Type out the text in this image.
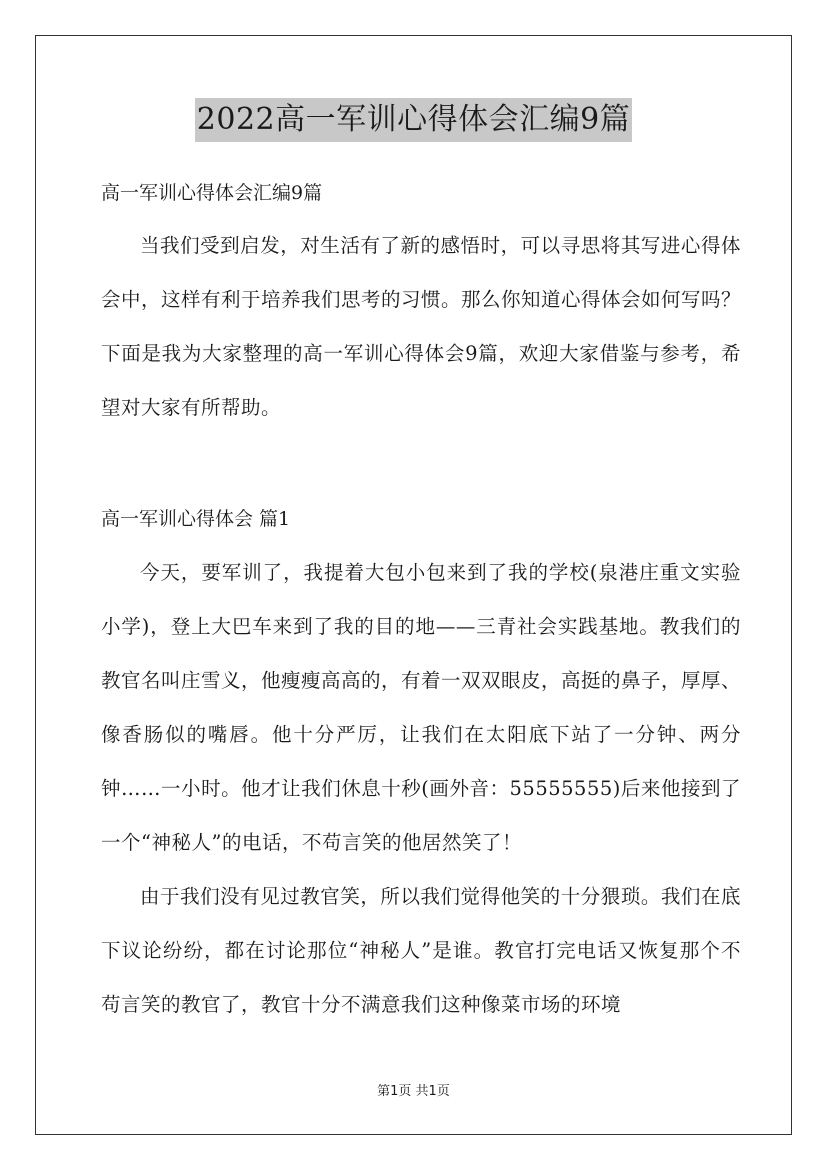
2022高一军训心得体会汇编9篇
高一军训心得体会汇编9篇

当我们受到启发，对生活有了新的感悟时，可以寻思将其写进心得体会中，这样有利于培养我们思考的习惯。那么你知道心得体会如何写吗？下面是我为大家整理的高一军训心得体会9篇，欢迎大家借鉴与参考，希望对大家有所帮助。

高一军训心得体会 篇1

今天，要军训了，我提着大包小包来到了我的学校(泉港庄重文实验小学)，登上大巴车来到了我的目的地——三青社会实践基地。教我们的教官名叫庄雪义，他瘦瘦高高的，有着一双双眼皮，高挺的鼻子，厚厚、像香肠似的嘴唇。他十分严厉，让我们在太阳底下站了一分钟、两分钟……一小时。他才让我们休息十秒(画外音：55555555)后来他接到了一个“神秘人”的电话，不苟言笑的他居然笑了！

由于我们没有见过教官笑，所以我们觉得他笑的十分猥琐。我们在底下议论纷纷，都在讨论那位“神秘人”是谁。教官打完电话又恢复那个不苟言笑的教官了，教官十分不满意我们这种像菜市场的环境

第1页 共1页
